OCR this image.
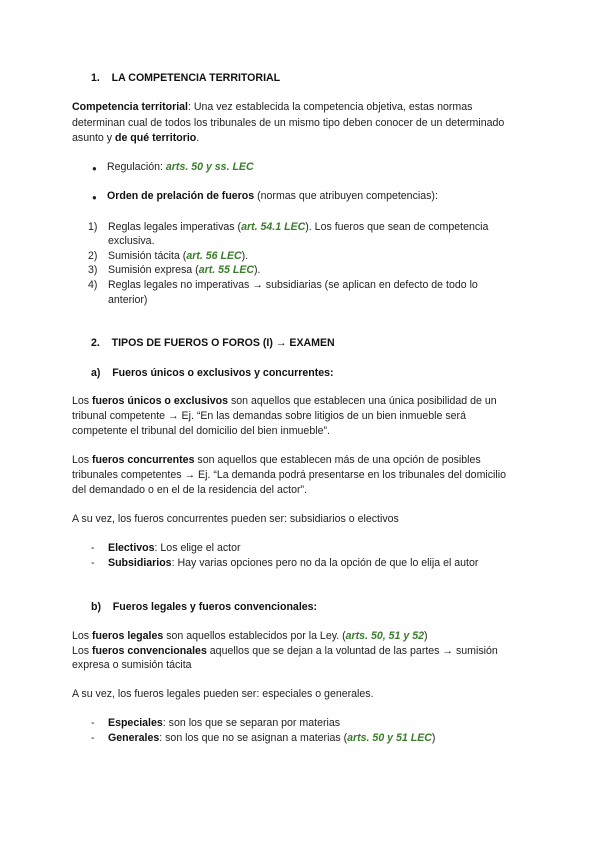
1. LA COMPETENCIA TERRITORIAL
Competencia territorial: Una vez establecida la competencia objetiva, estas normas
determinan cual de todos los tribunales de un mismo tipo deben conocer de un determinado
asunto y de qué territorio.
● Regulación: arts. 50 y ss. LEC
● Orden de prelación de fueros (normas que atribuyen competencias):
1) Reglas legales imperativas (art. 54.1 LEC). Los fueros que sean de competencia
exclusiva.
2) Sumisión tácita (art. 56 LEC).
3) Sumisión expresa (art. 55 LEC).
4) Reglas legales no imperativas → subsidiarias (se aplican en defecto de todo lo
anterior)
2. TIPOS DE FUEROS O FOROS (I) → EXAMEN
a) Fueros únicos o exclusivos y concurrentes:
Los fueros únicos o exclusivos son aquellos que establecen una única posibilidad de un
tribunal competente → Ej. “En las demandas sobre litigios de un bien inmueble será
competente el tribunal del domicilio del bien inmueble”.
Los fueros concurrentes son aquellos que establecen más de una opción de posibles
tribunales competentes → Ej. “La demanda podrá presentarse en los tribunales del domicilio
del demandado o en el de la residencia del actor”.
A su vez, los fueros concurrentes pueden ser: subsidiarios o electivos
- Electivos: Los elige el actor
- Subsidiarios: Hay varias opciones pero no da la opción de que lo elija el autor
b) Fueros legales y fueros convencionales:
Los fueros legales son aquellos establecidos por la Ley. (arts. 50, 51 y 52)
Los fueros convencionales aquellos que se dejan a la voluntad de las partes → sumisión
expresa o sumisión tácita
A su vez, los fueros legales pueden ser: especiales o generales.
- Especiales: son los que se separan por materias
- Generales: son los que no se asignan a materias (arts. 50 y 51 LEC)
